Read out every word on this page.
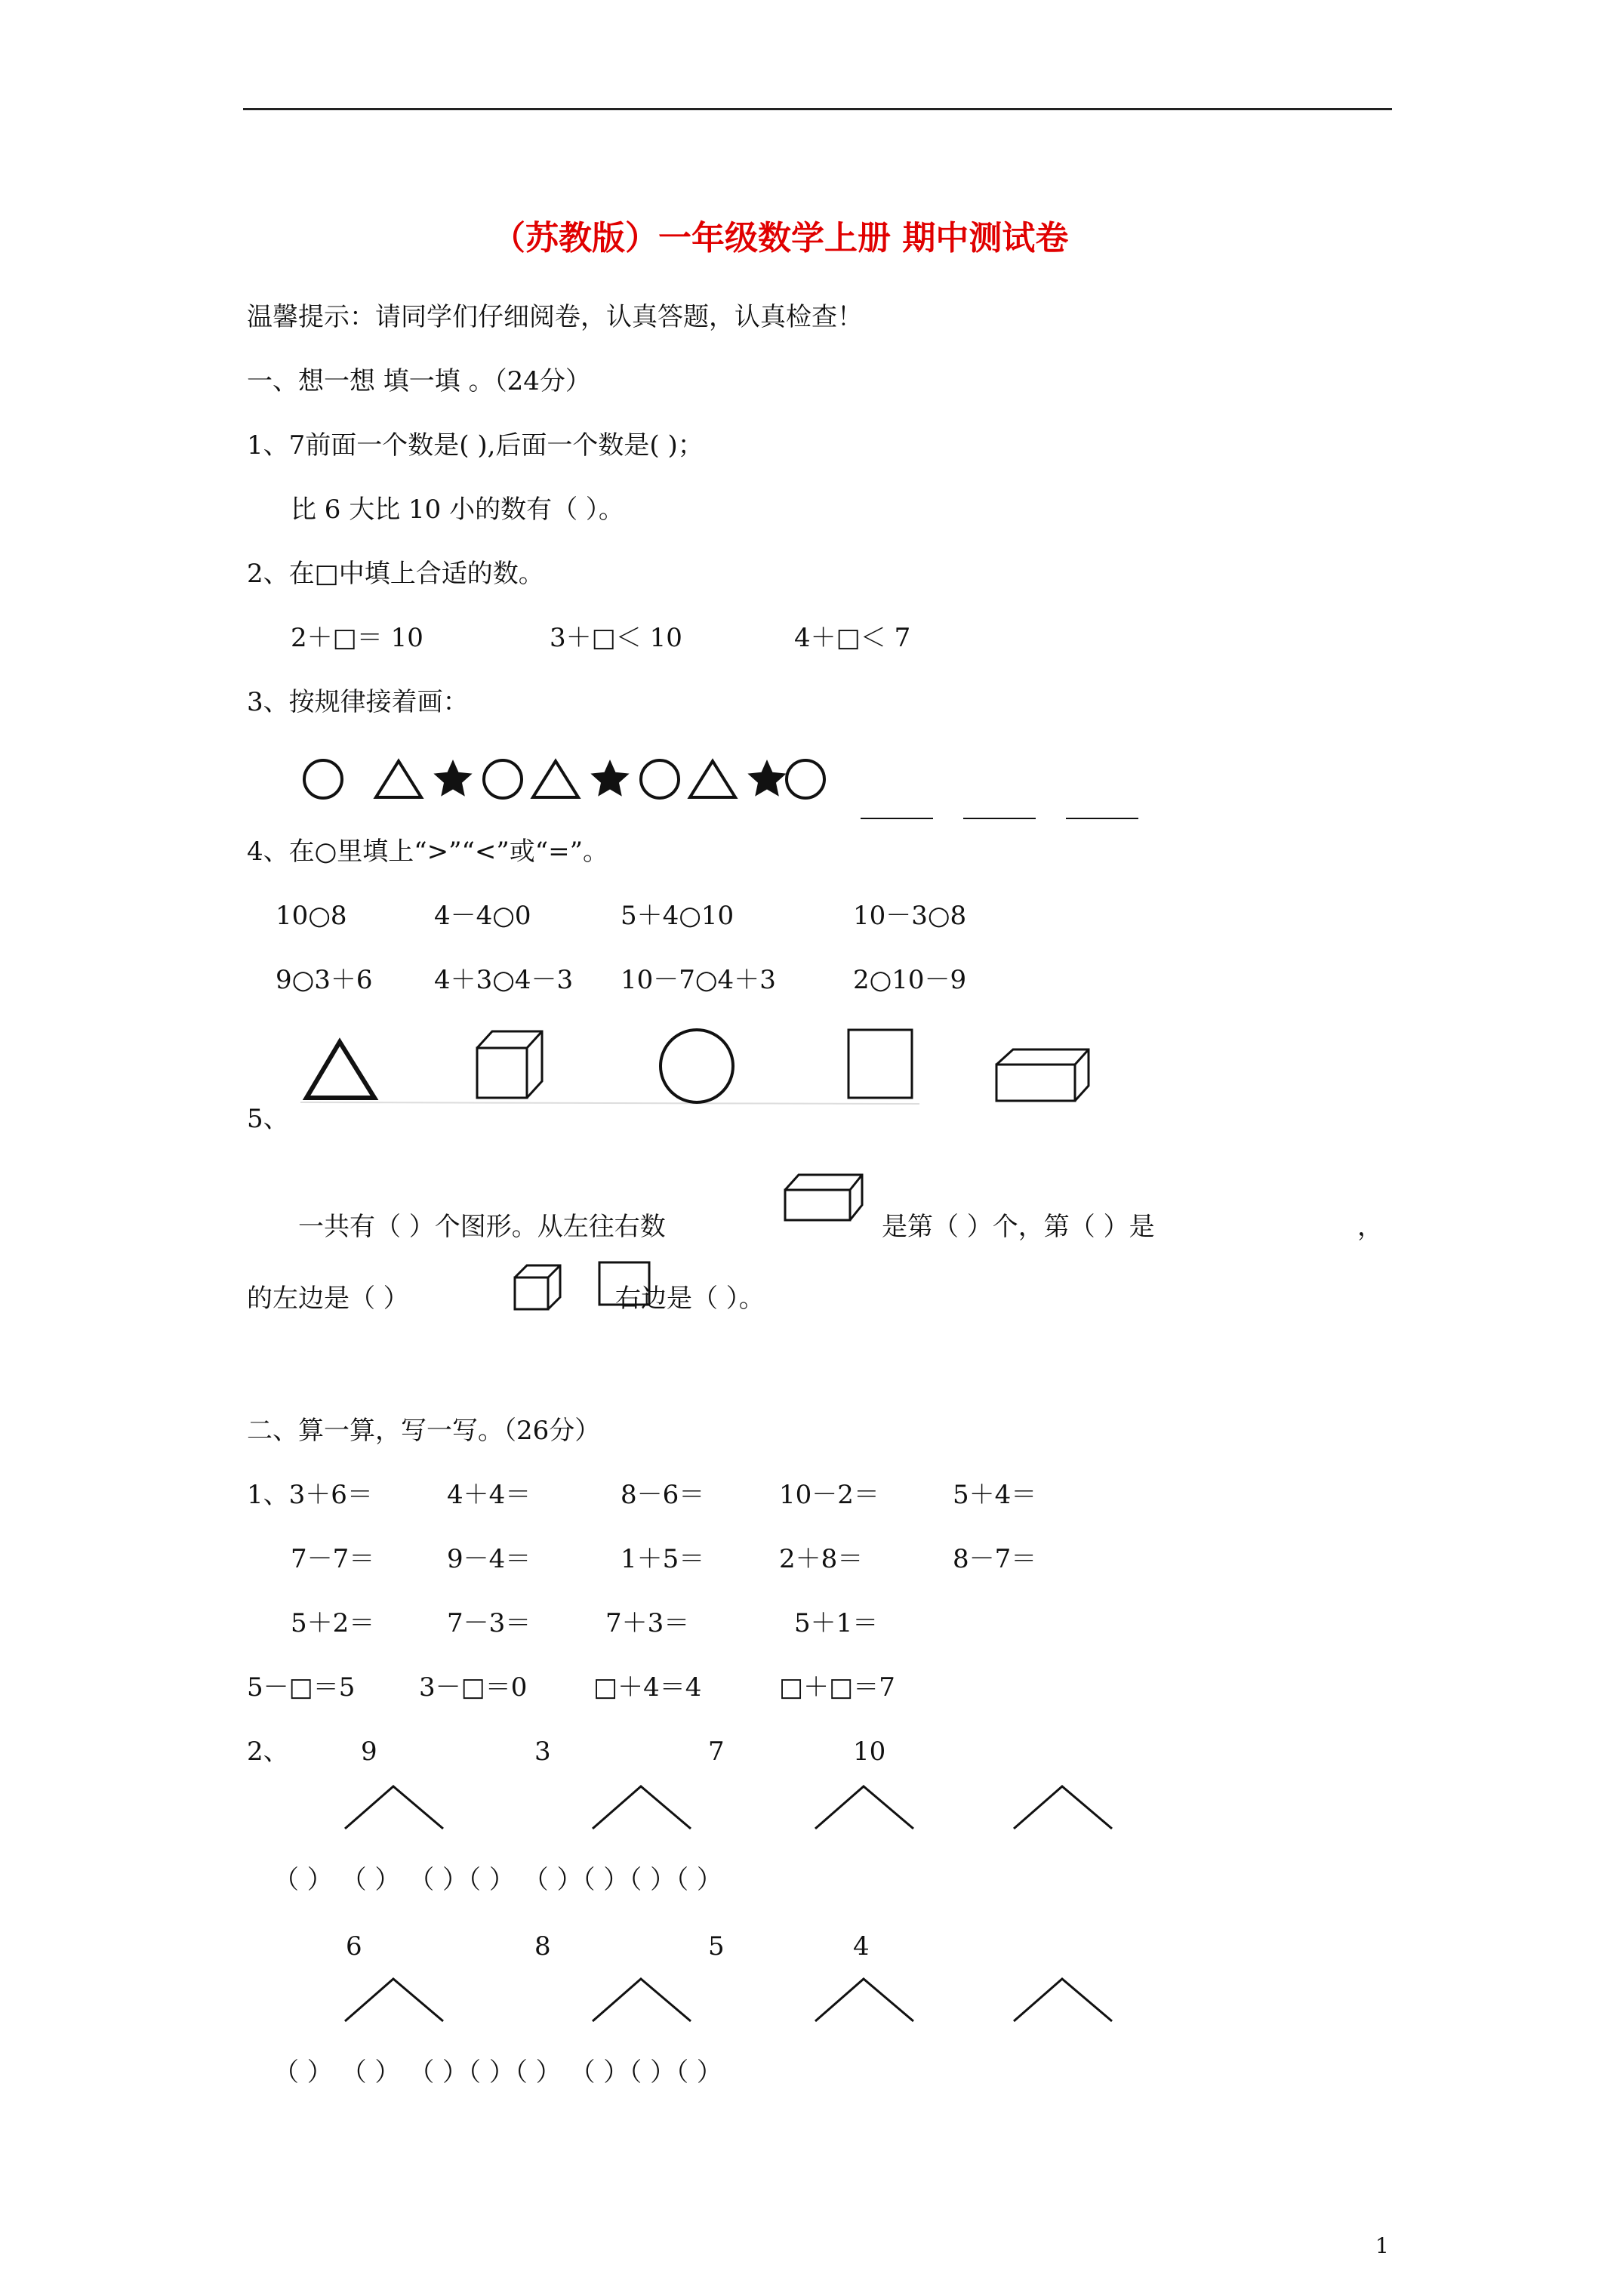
（苏教版）一年级数学上册 期中测试卷
温馨提示：请同学们仔细阅卷，认真答题，认真检查！
一、想一想 填一填 。（24分）
1、7前面一个数是( ),后面一个数是( )；
比 6 大比 10 小的数有（ ）。
2、在□中填上合适的数。
2＋□＝ 10	3＋□＜ 10	4＋□＜ 7
3、按规律接着画：
4、在○里填上“>”“<”或“=”。
10○8	4－4○0	5＋4○10	10－3○8
9○3＋6 4＋3○4－3 10－7○4＋3	2○10－9
5、
一共有（ ）个图形。从左往右数	是第（ ）个，第（ ）是	，
的左边是（ ）	右边是（ ）。
二、算一算，写一写。（26分）
1、3＋6＝	4＋4＝	8－6＝	10－2＝	5＋4＝
7－7＝	9－4＝	1＋5＝	2＋8＝	8－7＝
5＋2＝	7－3＝	7＋3＝	5＋1＝
5－□＝5 3－□＝0	□＋4＝4	□＋□＝7
2、	9	3	7	10
（ ） （ ） （ ）（ ） （ ）（ ）（ ）（ ）
6	8	5	4
（ ） （ ） （ ）（ ）（ ） （ ）（ ）（ ）
1
